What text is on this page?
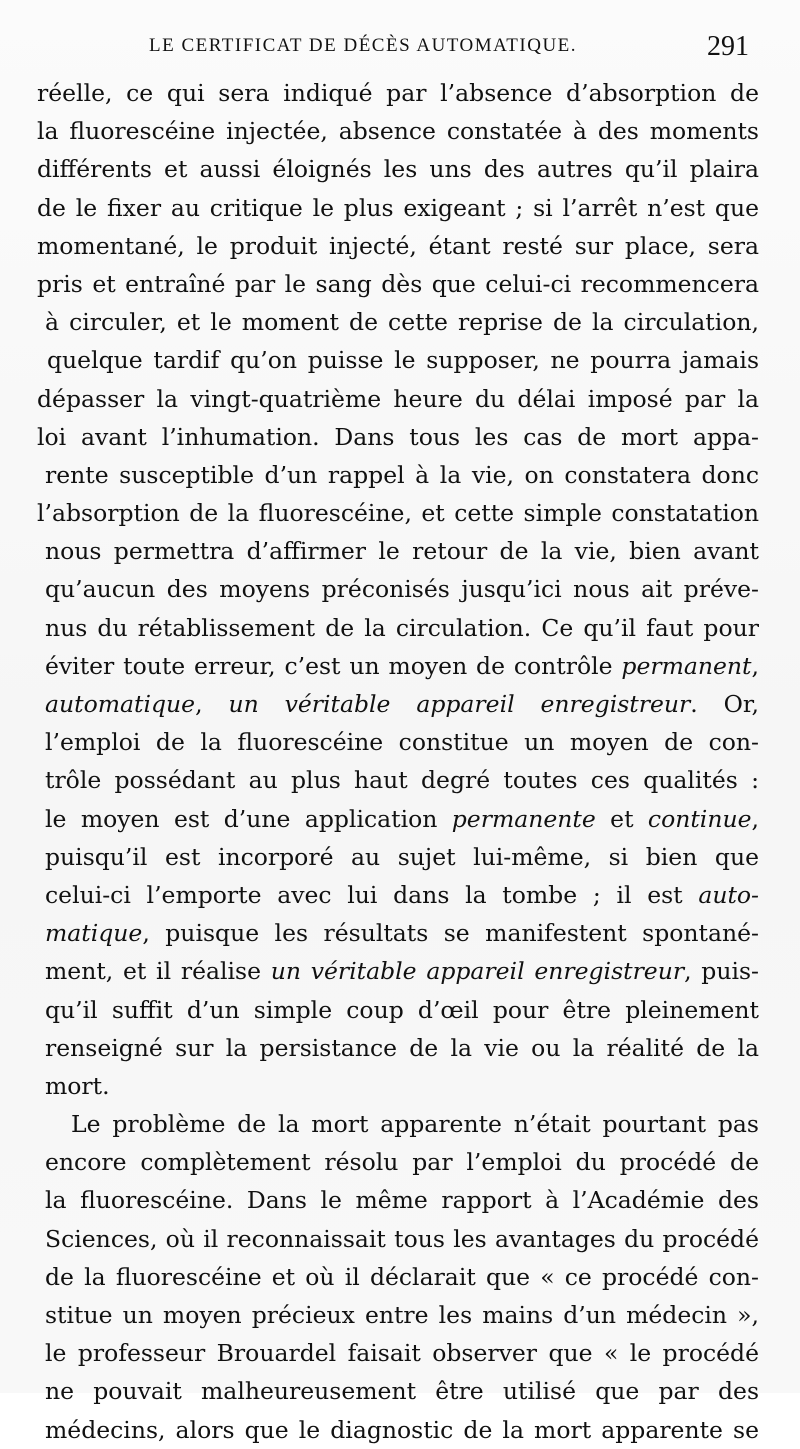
LE CERTIFICAT DE DÉCÈS AUTOMATIQUE.	291
réelle, ce qui sera indiqué par l’absence d’absorption de
la fluorescéine injectée, absence constatée à des moments
différents et aussi éloignés les uns des autres qu’il plaira
de le fixer au critique le plus exigeant ; si l’arrêt n’est que
momentané, le produit injecté, étant resté sur place, sera
pris et entraîné par le sang dès que celui-ci recommencera
à circuler, et le moment de cette reprise de la circulation,
quelque tardif qu’on puisse le supposer, ne pourra jamais
dépasser la vingt-quatrième heure du délai imposé par la
loi avant l’inhumation. Dans tous les cas de mort appa-
rente susceptible d’un rappel à la vie, on constatera donc
l’absorption de la fluorescéine, et cette simple constatation
nous permettra d’affirmer le retour de la vie, bien avant
qu’aucun des moyens préconisés jusqu’ici nous ait préve-
nus du rétablissement de la circulation. Ce qu’il faut pour
éviter toute erreur, c’est un moyen de contrôle permanent,
automatique, un véritable appareil enregistreur. Or,
l’emploi de la fluorescéine constitue un moyen de con-
trôle possédant au plus haut degré toutes ces qualités :
le moyen est d’une application permanente et continue,
puisqu’il est incorporé au sujet lui-même, si bien que
celui-ci l’emporte avec lui dans la tombe ; il est auto-
matique, puisque les résultats se manifestent spontané-
ment, et il réalise un véritable appareil enregistreur, puis-
qu’il suffit d’un simple coup d’œil pour être pleinement
renseigné sur la persistance de la vie ou la réalité de la
mort.
Le problème de la mort apparente n’était pourtant pas
encore complètement résolu par l’emploi du procédé de
la fluorescéine. Dans le même rapport à l’Académie des
Sciences, où il reconnaissait tous les avantages du procédé
de la fluorescéine et où il déclarait que « ce procédé con-
stitue un moyen précieux entre les mains d’un médecin »,
le professeur Brouardel faisait observer que « le procédé
ne pouvait malheureusement être utilisé que par des
médecins, alors que le diagnostic de la mort apparente se
